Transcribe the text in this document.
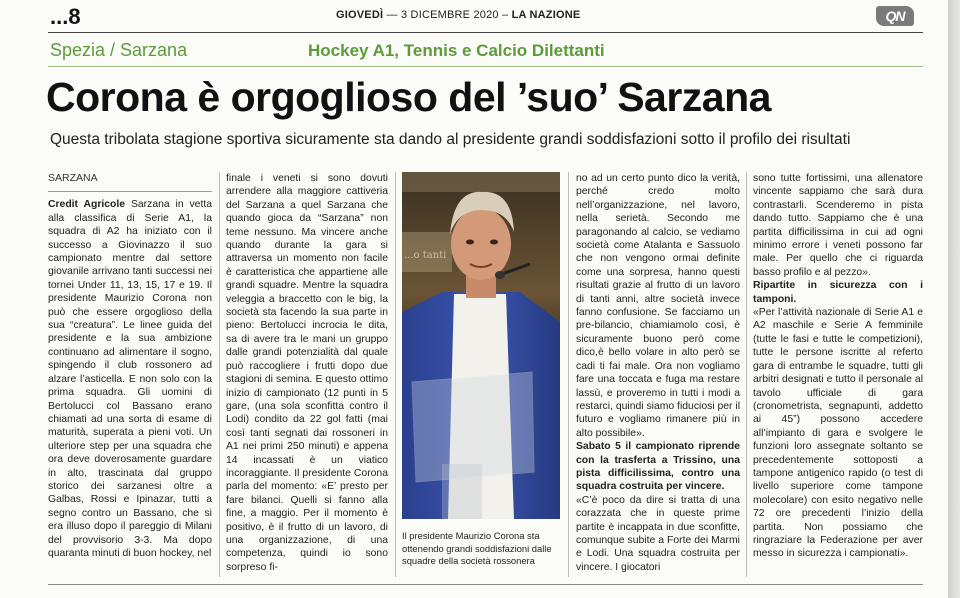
...8	GIOVEDÌ — 3 DICEMBRE 2020 – LA NAZIONE	QN
Spezia / Sarzana	Hockey A1, Tennis e Calcio Dilettanti
Corona è orgoglioso del ’suo’ Sarzana
Questa tribolata stagione sportiva sicuramente sta dando al presidente grandi soddisfazioni sotto il profilo dei risultati
SARZANA

Credit Agricole Sarzana in vetta alla classifica di Serie A1, la squadra di A2 ha iniziato con il successo a Giovinazzo il suo campionato mentre dal settore giovanile arrivano tanti successi nei tornei Under 11, 13, 15, 17 e 19. Il presidente Maurizio Corona non può che essere orgoglioso della sua “creatura”. Le linee guida del presidente e la sua ambizione continuano ad alimentare il sogno, spingendo il club rossonero ad alzare l’asticella. E non solo con la prima squadra. Gli uomini di Bertolucci col Bassano erano chiamati ad una sorta di esame di maturità, superata a pieni voti. Un ulteriore step per una squadra che ora deve doverosamente guardare in alto, trascinata dal gruppo storico dei sarzanesi oltre a Galbas, Rossi e Ipinazar, tutti a segno contro un Bassano, che si era illuso dopo il pareggio di Milani del provvisorio 3-3. Ma dopo quaranta minuti di buon hockey, nel

finale i veneti si sono dovuti arrendere alla maggiore cattiveria del Sarzana a quel Sarzana che quando gioca da “Sarzana” non teme nessuno. Ma vincere anche quando durante la gara si attraversa un momento non facile è caratteristica che appartiene alle grandi squadre. Mentre la squadra veleggia a braccetto con le big, la società sta facendo la sua parte in pieno: Bertolucci incrocia le dita, sa di avere tra le mani un gruppo dalle grandi potenzialità dal quale può raccogliere i frutti dopo due stagioni di semina. E questo ottimo inizio di campionato (12 punti in 5 gare, (una sola sconfitta contro il Lodi) condito da 22 gol fatti (mai così tanti segnati dai rossoneri in A1 nei primi 250 minuti) e appena 14 incassati è un viatico incoraggiante. Il presidente Corona parla del momento: «E’ presto per fare bilanci. Quelli si fanno alla fine, a maggio. Per il momento è positivo, è il frutto di un lavoro, di una organizzazione, di una competenza, quindi io sono sorpreso fi-

...o tanti
Il presidente Maurizio Corona sta ottenendo grandi soddisfazioni dalle squadre della società rossonera

no ad un certo punto dico la verità, perché credo molto nell’organizzazione, nel lavoro, nella serietà. Secondo me paragonando al calcio, se vediamo società come Atalanta e Sassuolo che non vengono ormai definite come una sorpresa, hanno questi risultati grazie al frutto di un lavoro di tanti anni, altre società invece fanno confusione. Se facciamo un pre-bilancio, chiamiamolo così, è sicuramente buono però come dico,è bello volare in alto però se cadi ti fai male. Ora non vogliamo fare una toccata e fuga ma restare lassù, e proveremo in tutti i modi a restarci, quindi siamo fiduciosi per il futuro e vogliamo rimanere più in alto possibile».

Sabato 5 il campionato riprende con la trasferta a Trissino, una pista difficilissima, contro una squadra costruita per vincere.

«C’è poco da dire si tratta di una corazzata che in queste prime partite è incappata in due sconfitte, comunque subite a Forte dei Marmi e Lodi. Una squadra costruita per vincere. I giocatori

sono tutte fortissimi, una allenatore vincente sappiamo che sarà dura contrastarli. Scenderemo in pista dando tutto. Sappiamo che è una partita difficilissima in cui ad ogni minimo errore i veneti possono far male. Per quello che ci riguarda basso profilo e al pezzo».

Ripartite in sicurezza con i tamponi.

«Per l’attività nazionale di Serie A1 e A2 maschile e Serie A femminile (tutte le fasi e tutte le competizioni), tutte le persone iscritte al referto gara di entrambe le squadre, tutti gli arbitri designati e tutto il personale al tavolo ufficiale di gara (cronometrista, segnapunti, addetto ai 45”) possono accedere all’impianto di gara e svolgere le funzioni loro assegnate soltanto se precedentemente sottoposti a tampone antigenico rapido (o test di livello superiore come tampone molecolare) con esito negativo nelle 72 ore precedenti l’inizio della partita. Non possiamo che ringraziare la Federazione per aver messo in sicurezza i campionati».
